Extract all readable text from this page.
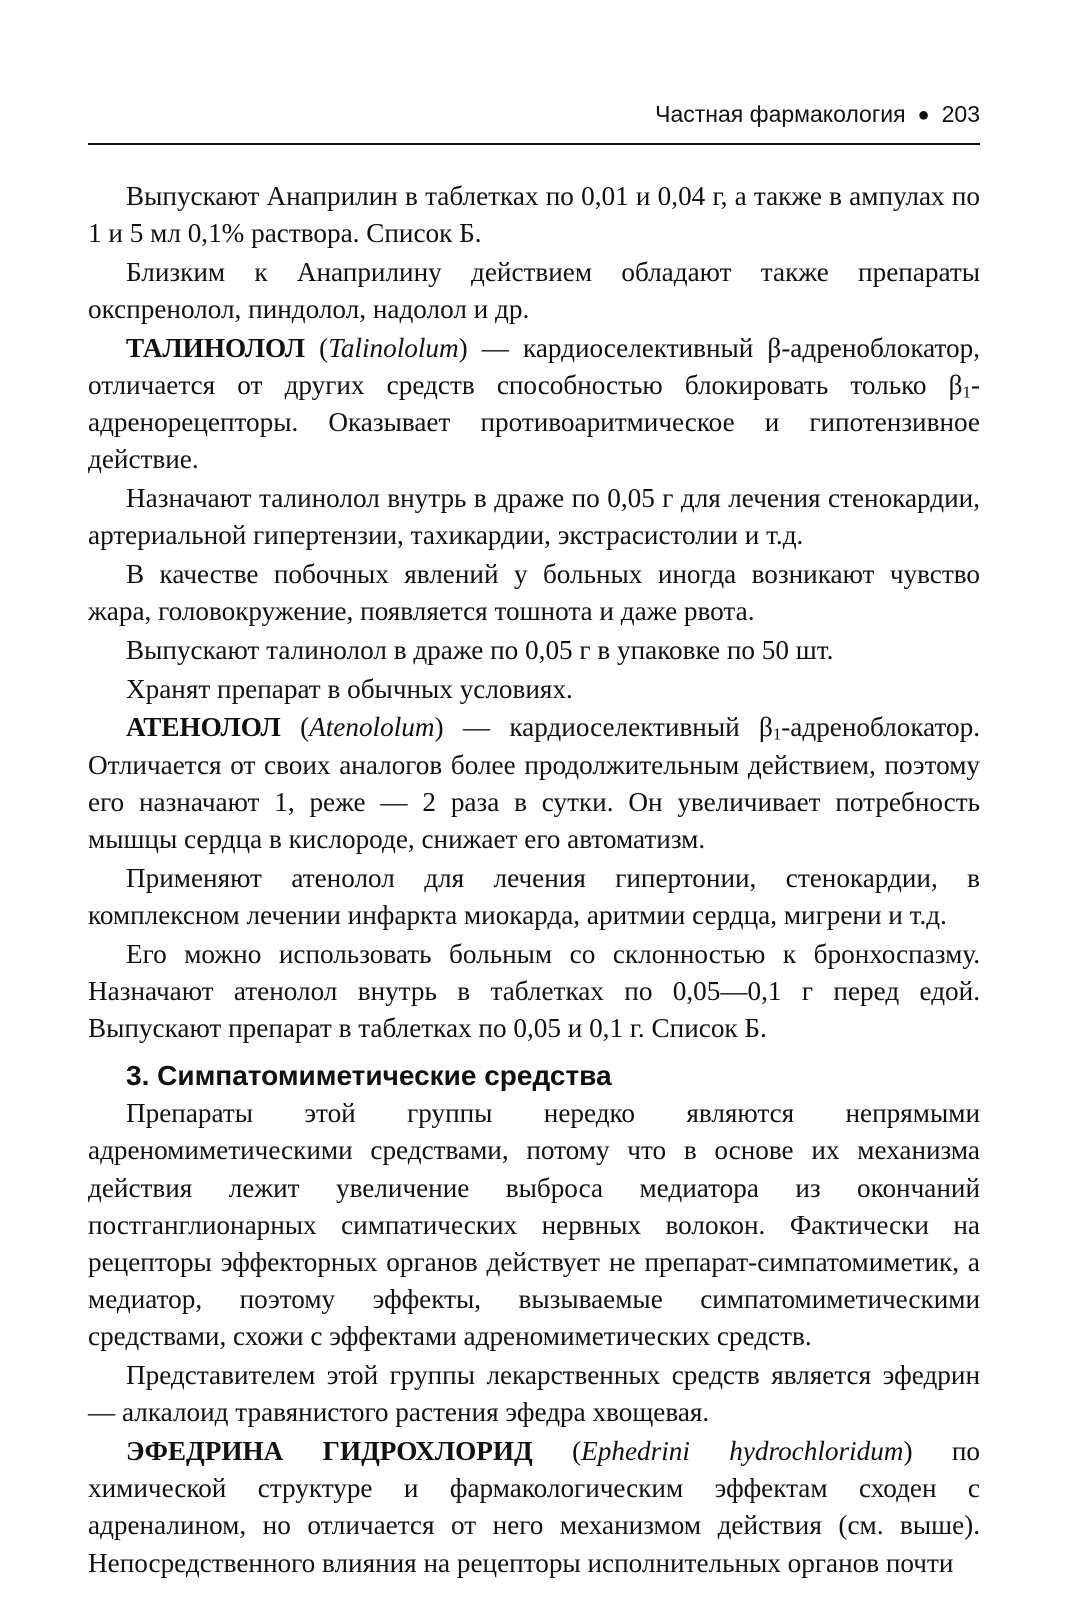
Частная фармакология ● 203

Выпускают Анаприлин в таблетках по 0,01 и 0,04 г, а также в ампулах по 1 и 5 мл 0,1% раствора. Список Б.

Близким к Анаприлину действием обладают также препараты окспренолол, пиндолол, надолол и др.

ТАЛИНОЛОЛ (Talinololum) — кардиоселективный β-адреноблокатор, отличается от других средств способностью блокировать только $\beta_1$-адренорецепторы. Оказывает противоаритмическое и гипотензивное действие.

Назначают талинолол внутрь в драже по 0,05 г для лечения стенокардии, артериальной гипертензии, тахикардии, экстрасистолии и т.д.

В качестве побочных явлений у больных иногда возникают чувство жара, головокружение, появляется тошнота и даже рвота.

Выпускают талинолол в драже по 0,05 г в упаковке по 50 шт.

Хранят препарат в обычных условиях.

АТЕНОЛОЛ (Atenololum) — кардиоселективный $\beta_1$-адреноблокатор. Отличается от своих аналогов более продолжительным действием, поэтому его назначают 1, реже — 2 раза в сутки. Он увеличивает потребность мышцы сердца в кислороде, снижает его автоматизм.

Применяют атенолол для лечения гипертонии, стенокардии, в комплексном лечении инфаркта миокарда, аритмии сердца, мигрени и т.д.

Его можно использовать больным со склонностью к бронхоспазму. Назначают атенолол внутрь в таблетках по 0,05—0,1 г перед едой. Выпускают препарат в таблетках по 0,05 и 0,1 г. Список Б.

3. Симпатомиметические средства

Препараты этой группы нередко являются непрямыми адреномиметическими средствами, потому что в основе их механизма действия лежит увеличение выброса медиатора из окончаний постганглионарных симпатических нервных волокон. Фактически на рецепторы эффекторных органов действует не препарат-симпатомиметик, а медиатор, поэтому эффекты, вызываемые симпатомиметическими средствами, схожи с эффектами адреномиметических средств.

Представителем этой группы лекарственных средств является эфедрин — алкалоид травянистого растения эфедра хвощевая.

ЭФЕДРИНА ГИДРОХЛОРИД (Ephedrini hydrochloridum) по химической структуре и фармакологическим эффектам сходен с адреналином, но отличается от него механизмом действия (см. выше). Непосредственного влияния на рецепторы исполнительных органов почти
